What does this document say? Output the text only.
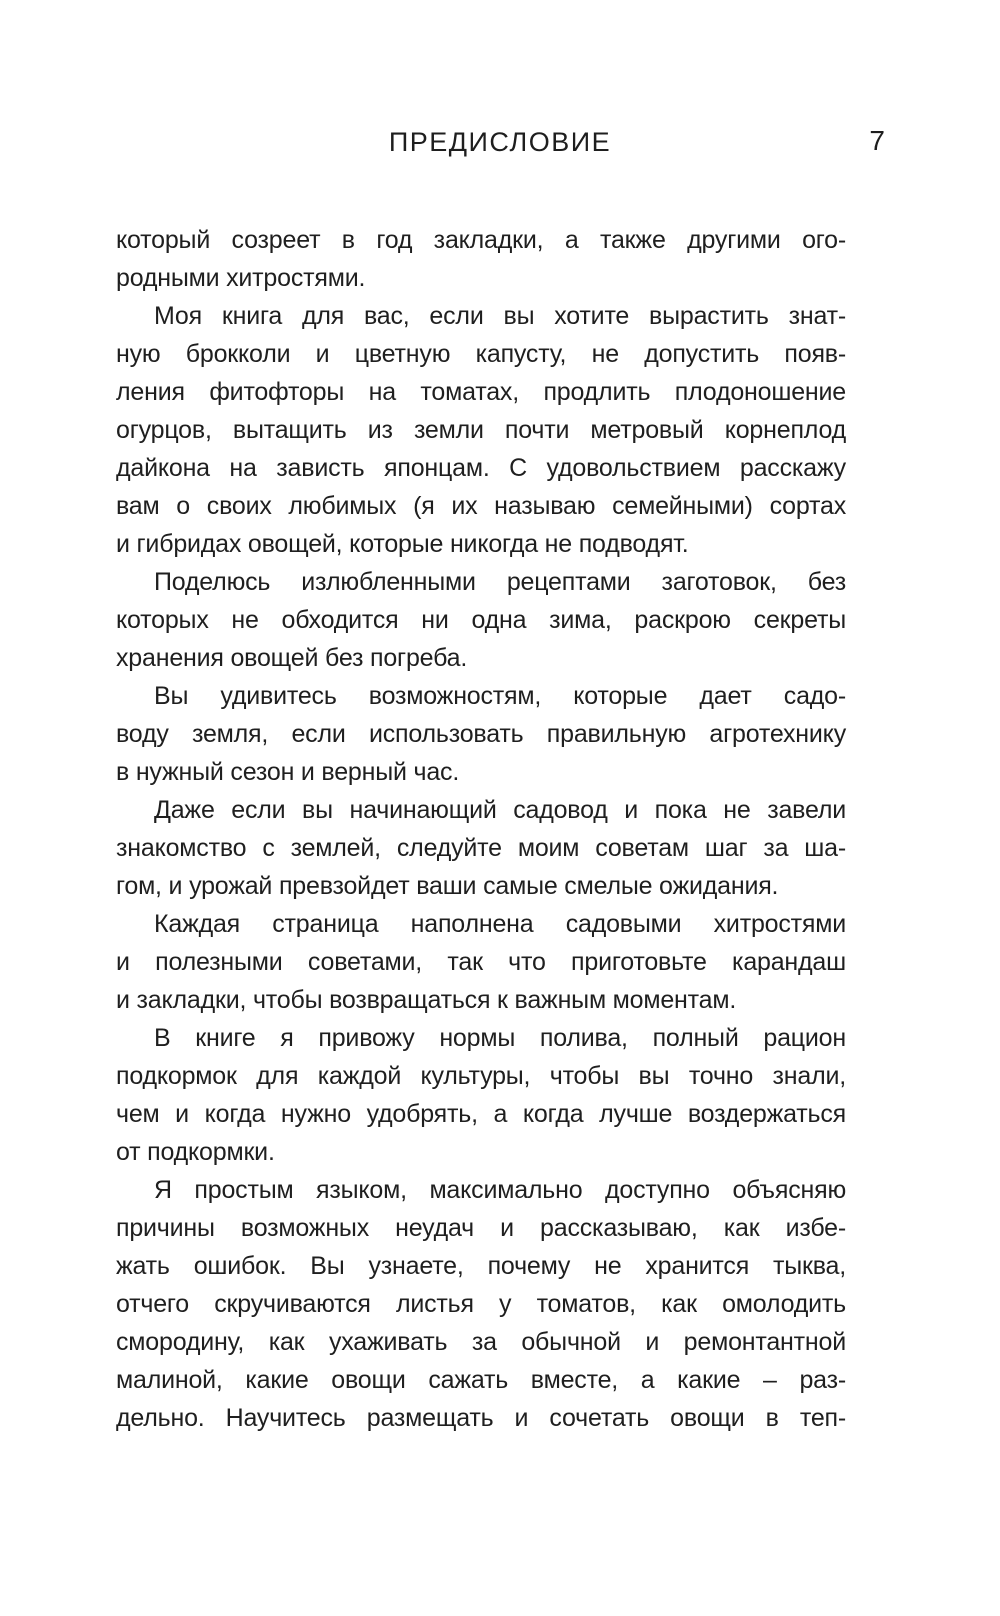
ПРЕДИСЛОВИЕ	7
который созреет в год закладки, а также другими ого-
родными хитростями.
Моя книга для вас, если вы хотите вырастить знат-
ную брокколи и цветную капусту, не допустить появ-
ления фитофторы на томатах, продлить плодоношение
огурцов, вытащить из земли почти метровый корнеплод
дайкона на зависть японцам. С удовольствием расскажу
вам о своих любимых (я их называю семейными) сортах
и гибридах овощей, которые никогда не подводят.
Поделюсь излюбленными рецептами заготовок, без
которых не обходится ни одна зима, раскрою секреты
хранения овощей без погреба.
Вы удивитесь возможностям, которые дает садо-
воду земля, если использовать правильную агротехнику
в нужный сезон и верный час.
Даже если вы начинающий садовод и пока не завели
знакомство с землей, следуйте моим советам шаг за ша-
гом, и урожай превзойдет ваши самые смелые ожидания.
Каждая страница наполнена садовыми хитростями
и полезными советами, так что приготовьте карандаш
и закладки, чтобы возвращаться к важным моментам.
В книге я привожу нормы полива, полный рацион
подкормок для каждой культуры, чтобы вы точно знали,
чем и когда нужно удобрять, а когда лучше воздержаться
от подкормки.
Я простым языком, максимально доступно объясняю
причины возможных неудач и рассказываю, как избе-
жать ошибок. Вы узнаете, почему не хранится тыква,
отчего скручиваются листья у томатов, как омолодить
смородину, как ухаживать за обычной и ремонтантной
малиной, какие овощи сажать вместе, а какие – раз-
дельно. Научитесь размещать и сочетать овощи в теп-
